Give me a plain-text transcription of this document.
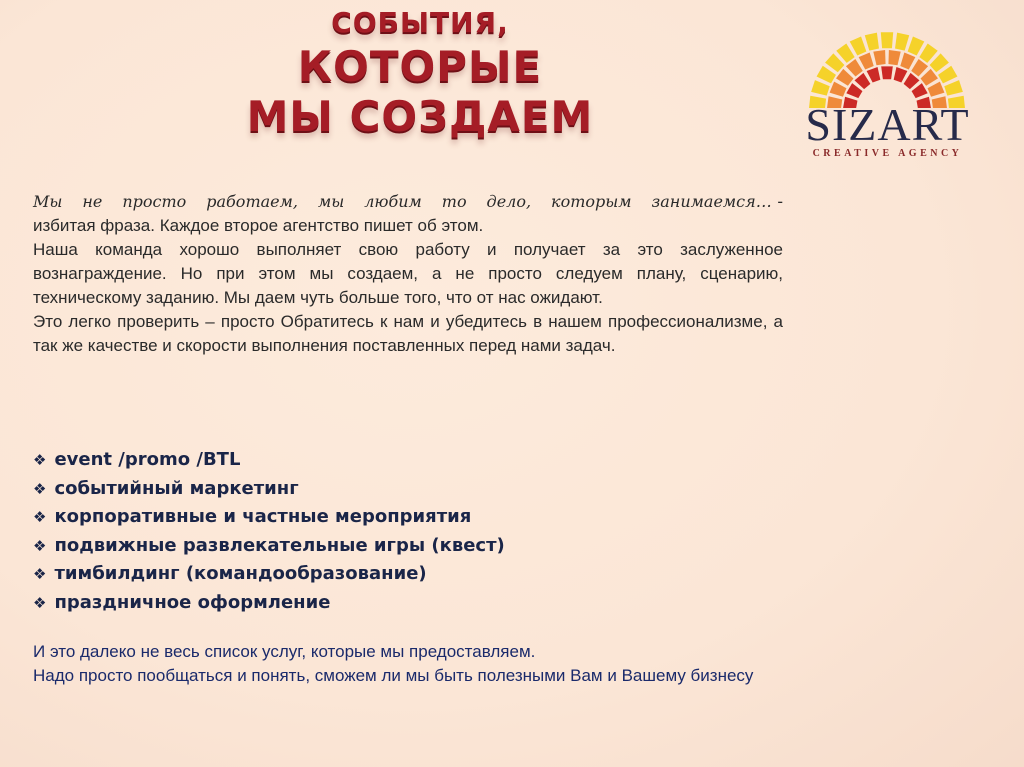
СОБЫТИЯ,
КОТОРЫЕ
МЫ СОЗДАЕМ	SIZART
CREATIVE AGENCY

Мы не просто работаем, мы любим то дело, которым занимаемся… - избитая фраза. Каждое второе агентство пишет об этом.

Наша команда хорошо выполняет свою работу и получает за это заслуженное вознаграждение. Но при этом мы создаем, а не просто следуем плану, сценарию, техническому заданию. Мы даем чуть больше того, что от нас ожидают.

Это легко проверить – просто Обратитесь к нам и убедитесь в нашем профессионализме, а так же качестве и скорости выполнения поставленных перед нами задач.

❖ event /promo /BTL
❖ событийный маркетинг
❖ корпоративные и частные мероприятия
❖ подвижные развлекательные игры (квест)
❖ тимбилдинг (командообразование)
❖ праздничное оформление

И это далеко не весь список услуг, которые мы предоставляем.

Надо просто пообщаться и понять, сможем ли мы быть полезными Вам и Вашему бизнесу
